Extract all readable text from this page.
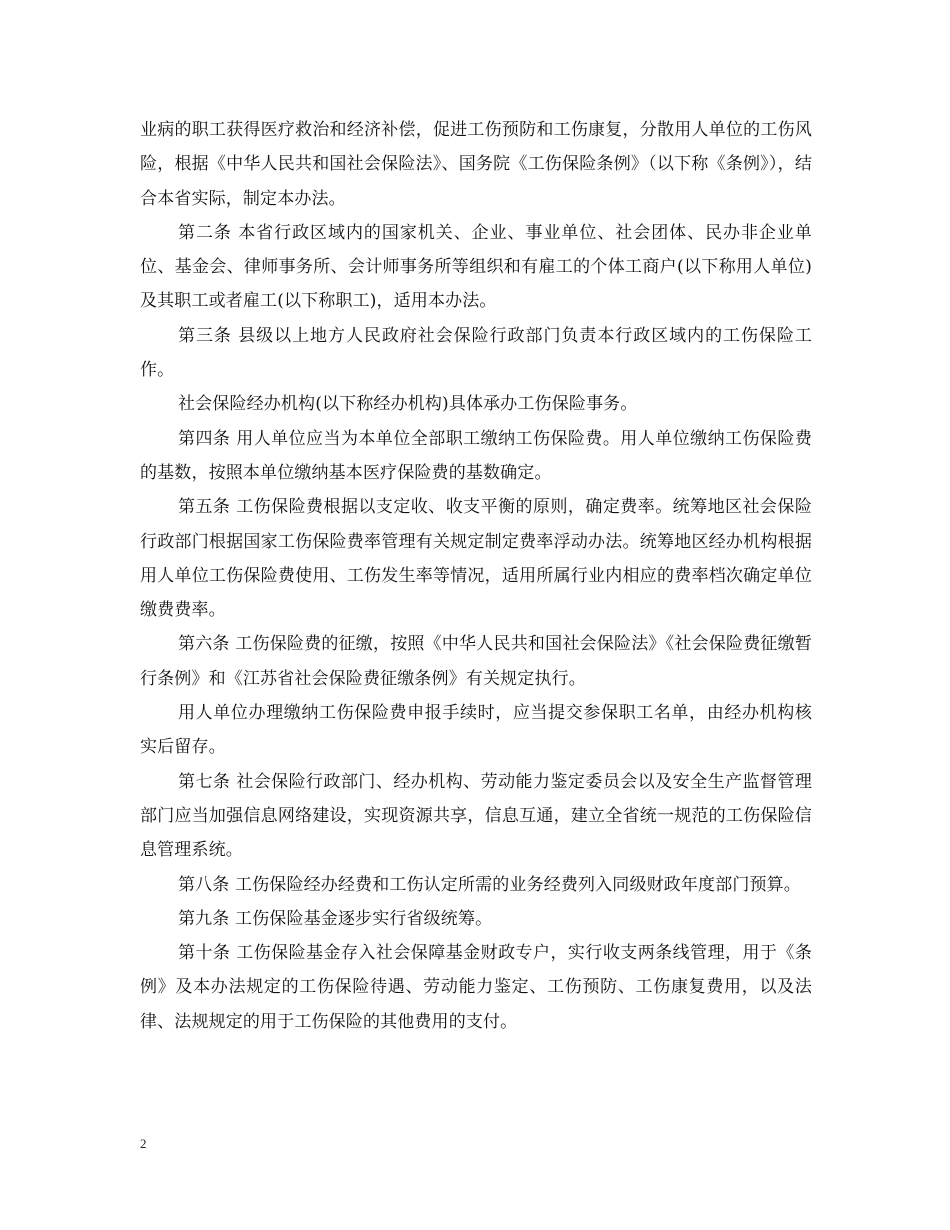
业病的职工获得医疗救治和经济补偿，促进工伤预防和工伤康复，分散用人单位的工伤风险，根据《中华人民共和国社会保险法》、国务院《工伤保险条例》（以下称《条例》），结合本省实际，制定本办法。

第二条 本省行政区域内的国家机关、企业、事业单位、社会团体、民办非企业单位、基金会、律师事务所、会计师事务所等组织和有雇工的个体工商户(以下称用人单位)及其职工或者雇工(以下称职工)，适用本办法。

第三条 县级以上地方人民政府社会保险行政部门负责本行政区域内的工伤保险工作。

社会保险经办机构(以下称经办机构)具体承办工伤保险事务。

第四条 用人单位应当为本单位全部职工缴纳工伤保险费。用人单位缴纳工伤保险费的基数，按照本单位缴纳基本医疗保险费的基数确定。

第五条 工伤保险费根据以支定收、收支平衡的原则，确定费率。统筹地区社会保险行政部门根据国家工伤保险费率管理有关规定制定费率浮动办法。统筹地区经办机构根据用人单位工伤保险费使用、工伤发生率等情况，适用所属行业内相应的费率档次确定单位缴费费率。

第六条 工伤保险费的征缴，按照《中华人民共和国社会保险法》《社会保险费征缴暂行条例》和《江苏省社会保险费征缴条例》有关规定执行。

用人单位办理缴纳工伤保险费申报手续时，应当提交参保职工名单，由经办机构核实后留存。

第七条 社会保险行政部门、经办机构、劳动能力鉴定委员会以及安全生产监督管理部门应当加强信息网络建设，实现资源共享，信息互通，建立全省统一规范的工伤保险信息管理系统。

第八条 工伤保险经办经费和工伤认定所需的业务经费列入同级财政年度部门预算。

第九条 工伤保险基金逐步实行省级统筹。

第十条 工伤保险基金存入社会保障基金财政专户，实行收支两条线管理，用于《条例》及本办法规定的工伤保险待遇、劳动能力鉴定、工伤预防、工伤康复费用，以及法律、法规规定的用于工伤保险的其他费用的支付。

2
